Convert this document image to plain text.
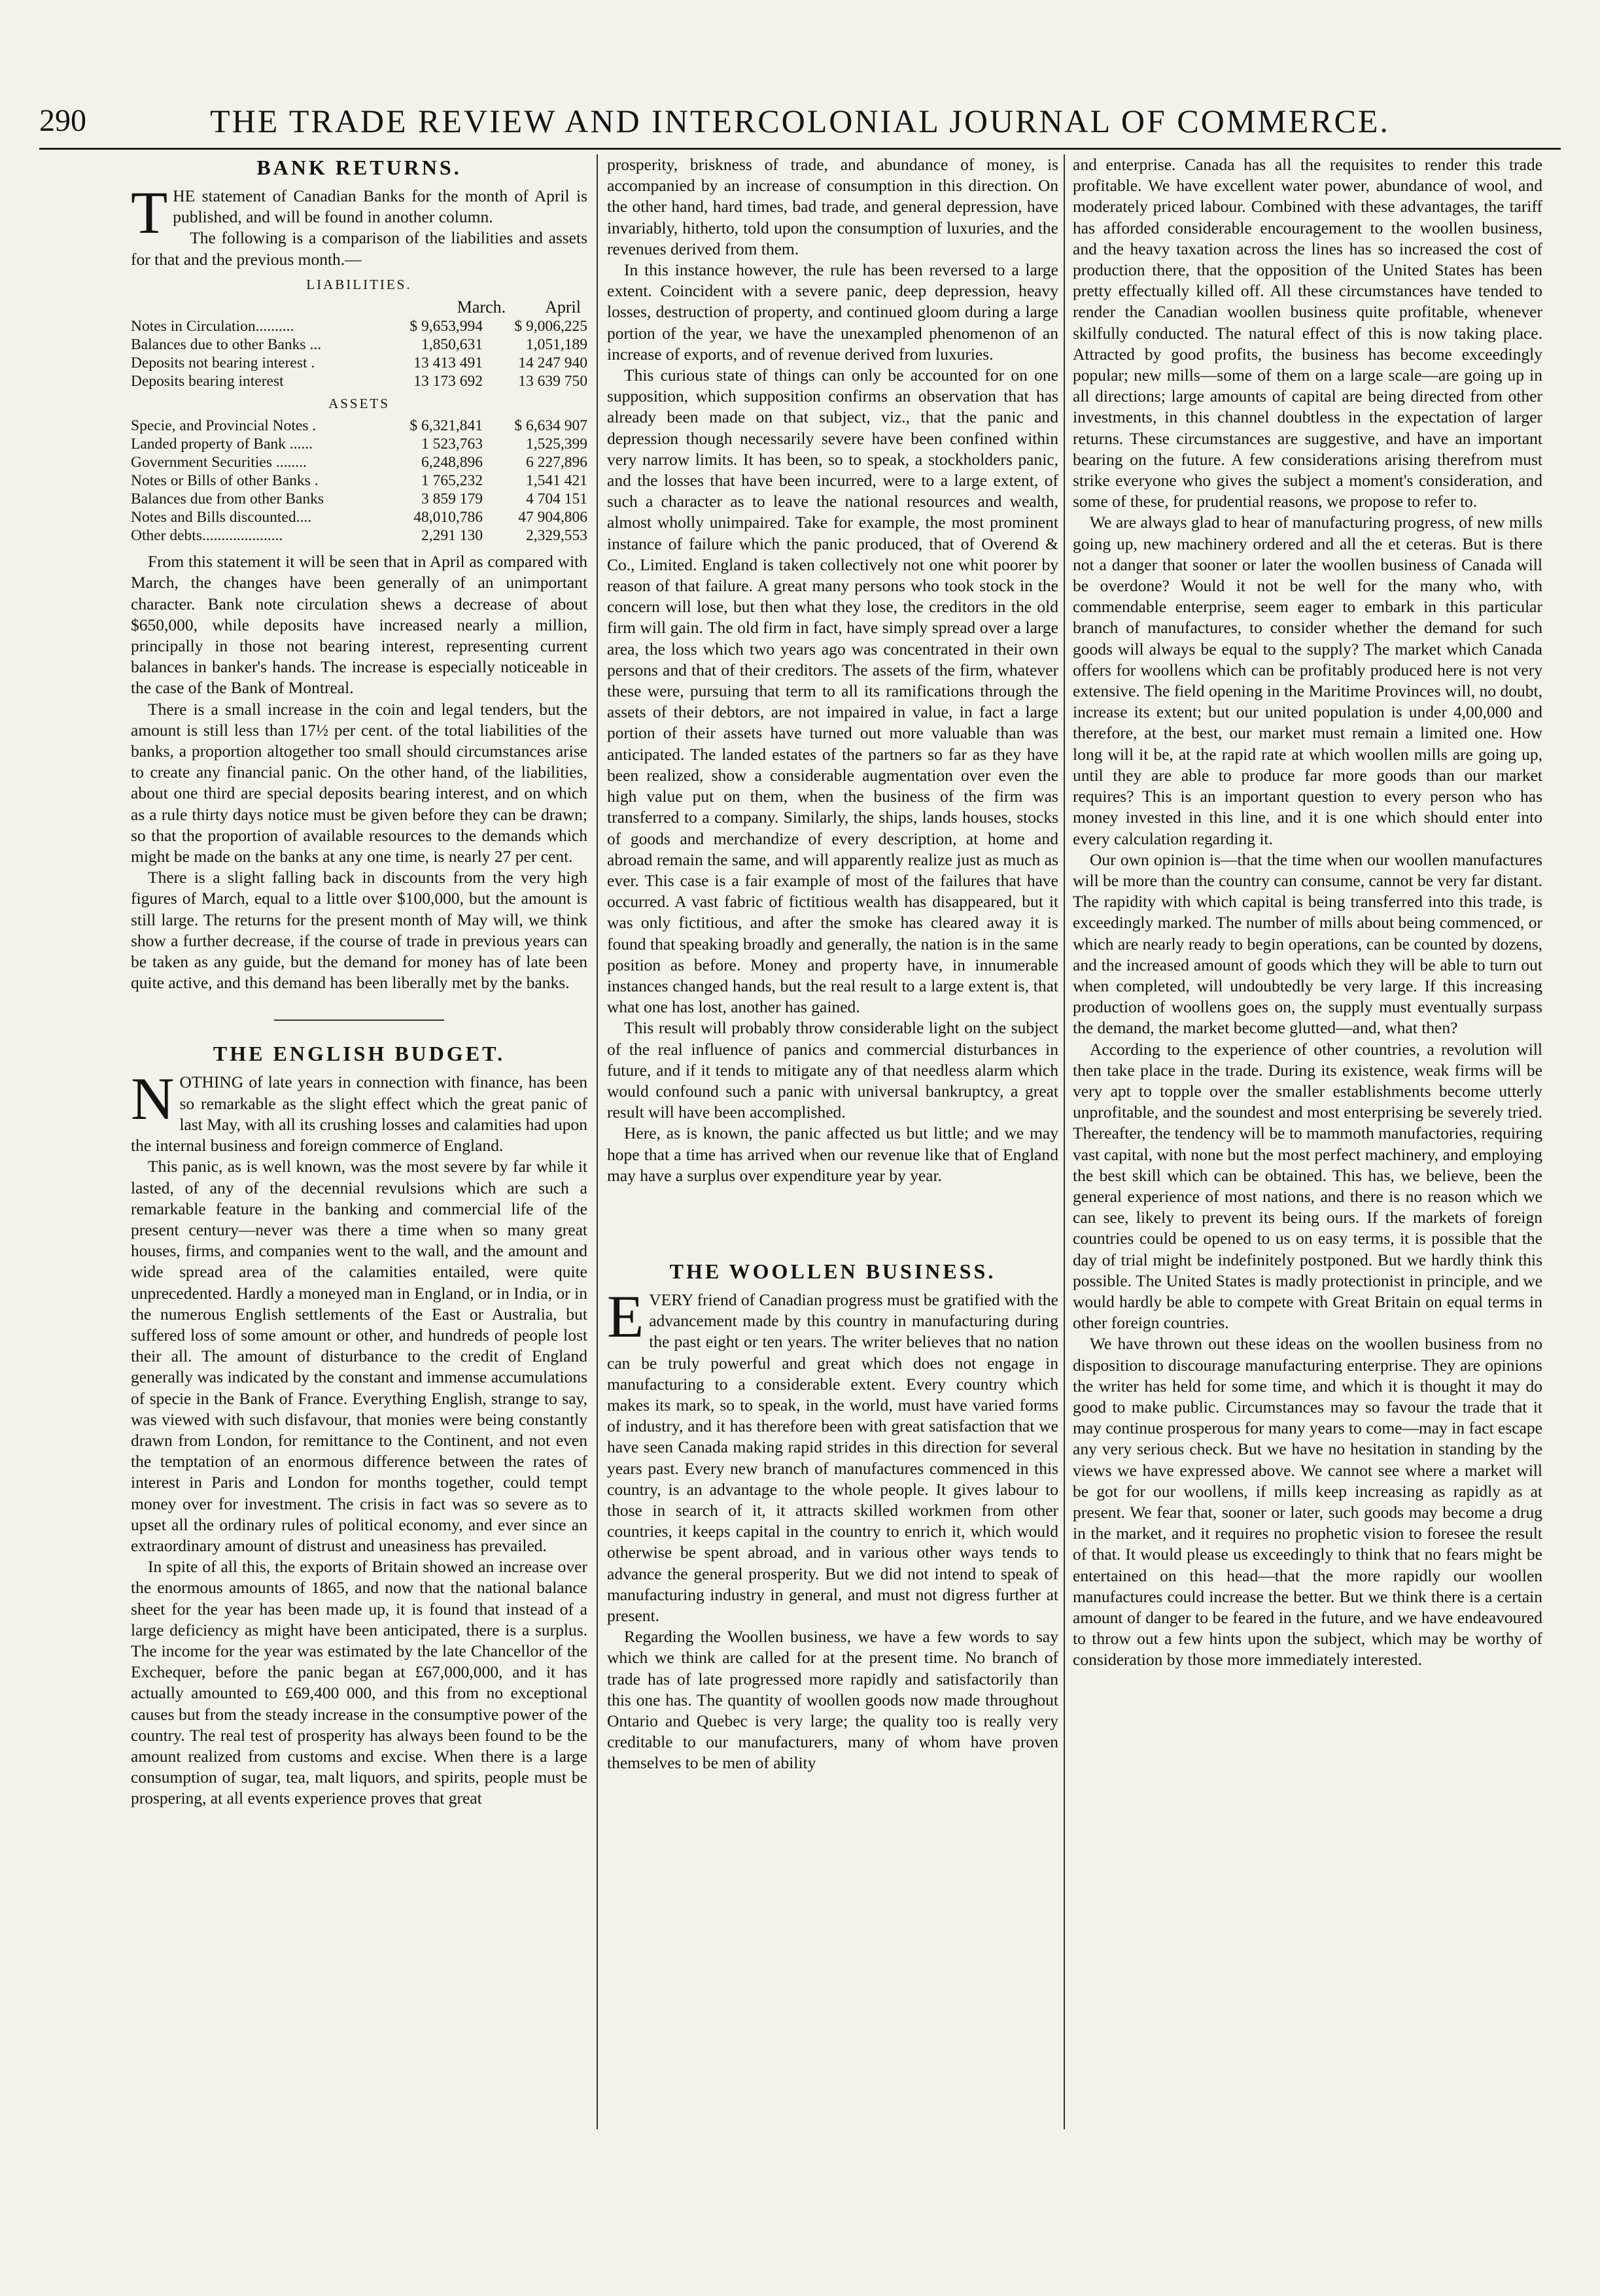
290	THE TRADE REVIEW AND INTERCOLONIAL JOURNAL OF COMMERCE.
BANK RETURNS.

THE statement of Canadian Banks for the month of April is published, and will be found in another column.

The following is a comparison of the liabilities and assets for that and the previous month.—

LIABILITIES.
March. April
Notes in Circulation..........	$ 9,653,994	$ 9,006,225
Balances due to other Banks ...	1,850,631	1,051,189
Deposits not bearing interest .	13 413 491	14 247 940
Deposits bearing interest	13 173 692	13 639 750
ASSETS
Specie, and Provincial Notes .	$ 6,321,841	$ 6,634 907
Landed property of Bank ......	1 523,763	1,525,399
Government Securities ........	6,248,896	6 227,896
Notes or Bills of other Banks .	1 765,232	1,541 421
Balances due from other Banks	3 859 179	4 704 151
Notes and Bills discounted....	48,010,786	47 904,806
Other debts.....................	2,291 130	2,329,553

From this statement it will be seen that in April as compared with March, the changes have been generally of an unimportant character. Bank note circulation shews a decrease of about $650,000, while deposits have increased nearly a million, principally in those not bearing interest, representing current balances in banker's hands. The increase is especially noticeable in the case of the Bank of Montreal.

There is a small increase in the coin and legal tenders, but the amount is still less than 17½ per cent. of the total liabilities of the banks, a proportion altogether too small should circumstances arise to create any financial panic. On the other hand, of the liabilities, about one third are special deposits bearing interest, and on which as a rule thirty days notice must be given before they can be drawn; so that the proportion of available resources to the demands which might be made on the banks at any one time, is nearly 27 per cent.

There is a slight falling back in discounts from the very high figures of March, equal to a little over $100,000, but the amount is still large. The returns for the present month of May will, we think show a further decrease, if the course of trade in previous years can be taken as any guide, but the demand for money has of late been quite active, and this demand has been liberally met by the banks.

THE ENGLISH BUDGET.

NOTHING of late years in connection with finance, has been so remarkable as the slight effect which the great panic of last May, with all its crushing losses and calamities had upon the internal business and foreign commerce of England.

This panic, as is well known, was the most severe by far while it lasted, of any of the decennial revulsions which are such a remarkable feature in the banking and commercial life of the present century—never was there a time when so many great houses, firms, and companies went to the wall, and the amount and wide spread area of the calamities entailed, were quite unprecedented. Hardly a moneyed man in England, or in India, or in the numerous English settlements of the East or Australia, but suffered loss of some amount or other, and hundreds of people lost their all. The amount of disturbance to the credit of England generally was indicated by the constant and immense accumulations of specie in the Bank of France. Everything English, strange to say, was viewed with such disfavour, that monies were being constantly drawn from London, for remittance to the Continent, and not even the temptation of an enormous difference between the rates of interest in Paris and London for months together, could tempt money over for investment. The crisis in fact was so severe as to upset all the ordinary rules of political economy, and ever since an extraordinary amount of distrust and uneasiness has prevailed.

In spite of all this, the exports of Britain showed an increase over the enormous amounts of 1865, and now that the national balance sheet for the year has been made up, it is found that instead of a large deficiency as might have been anticipated, there is a surplus. The income for the year was estimated by the late Chancellor of the Exchequer, before the panic began at £67,000,000, and it has actually amounted to £69,400 000, and this from no exceptional causes but from the steady increase in the consumptive power of the country. The real test of prosperity has always been found to be the amount realized from customs and excise. When there is a large consumption of sugar, tea, malt liquors, and spirits, people must be prospering, at all events experience proves that great

prosperity, briskness of trade, and abundance of money, is accompanied by an increase of consumption in this direction. On the other hand, hard times, bad trade, and general depression, have invariably, hitherto, told upon the consumption of luxuries, and the revenues derived from them.

In this instance however, the rule has been reversed to a large extent. Coincident with a severe panic, deep depression, heavy losses, destruction of property, and continued gloom during a large portion of the year, we have the unexampled phenomenon of an increase of exports, and of revenue derived from luxuries.

This curious state of things can only be accounted for on one supposition, which supposition confirms an observation that has already been made on that subject, viz., that the panic and depression though necessarily severe have been confined within very narrow limits. It has been, so to speak, a stockholders panic, and the losses that have been incurred, were to a large extent, of such a character as to leave the national resources and wealth, almost wholly unimpaired. Take for example, the most prominent instance of failure which the panic produced, that of Overend & Co., Limited. England is taken collectively not one whit poorer by reason of that failure. A great many persons who took stock in the concern will lose, but then what they lose, the creditors in the old firm will gain. The old firm in fact, have simply spread over a large area, the loss which two years ago was concentrated in their own persons and that of their creditors. The assets of the firm, whatever these were, pursuing that term to all its ramifications through the assets of their debtors, are not impaired in value, in fact a large portion of their assets have turned out more valuable than was anticipated. The landed estates of the partners so far as they have been realized, show a considerable augmentation over even the high value put on them, when the business of the firm was transferred to a company. Similarly, the ships, lands houses, stocks of goods and merchandize of every description, at home and abroad remain the same, and will apparently realize just as much as ever. This case is a fair example of most of the failures that have occurred. A vast fabric of fictitious wealth has disappeared, but it was only fictitious, and after the smoke has cleared away it is found that speaking broadly and generally, the nation is in the same position as before. Money and property have, in innumerable instances changed hands, but the real result to a large extent is, that what one has lost, another has gained.

This result will probably throw considerable light on the subject of the real influence of panics and commercial disturbances in future, and if it tends to mitigate any of that needless alarm which would confound such a panic with universal bankruptcy, a great result will have been accomplished.

Here, as is known, the panic affected us but little; and we may hope that a time has arrived when our revenue like that of England may have a surplus over expenditure year by year.

THE WOOLLEN BUSINESS.

EVERY friend of Canadian progress must be gratified with the advancement made by this country in manufacturing during the past eight or ten years. The writer believes that no nation can be truly powerful and great which does not engage in manufacturing to a considerable extent. Every country which makes its mark, so to speak, in the world, must have varied forms of industry, and it has therefore been with great satisfaction that we have seen Canada making rapid strides in this direction for several years past. Every new branch of manufactures commenced in this country, is an advantage to the whole people. It gives labour to those in search of it, it attracts skilled workmen from other countries, it keeps capital in the country to enrich it, which would otherwise be spent abroad, and in various other ways tends to advance the general prosperity. But we did not intend to speak of manufacturing industry in general, and must not digress further at present.

Regarding the Woollen business, we have a few words to say which we think are called for at the present time. No branch of trade has of late progressed more rapidly and satisfactorily than this one has. The quantity of woollen goods now made throughout Ontario and Quebec is very large; the quality too is really very creditable to our manufacturers, many of whom have proven themselves to be men of ability

and enterprise. Canada has all the requisites to render this trade profitable. We have excellent water power, abundance of wool, and moderately priced labour. Combined with these advantages, the tariff has afforded considerable encouragement to the woollen business, and the heavy taxation across the lines has so increased the cost of production there, that the opposition of the United States has been pretty effectually killed off. All these circumstances have tended to render the Canadian woollen business quite profitable, whenever skilfully conducted. The natural effect of this is now taking place. Attracted by good profits, the business has become exceedingly popular; new mills—some of them on a large scale—are going up in all directions; large amounts of capital are being directed from other investments, in this channel doubtless in the expectation of larger returns. These circumstances are suggestive, and have an important bearing on the future. A few considerations arising therefrom must strike everyone who gives the subject a moment's consideration, and some of these, for prudential reasons, we propose to refer to.

We are always glad to hear of manufacturing progress, of new mills going up, new machinery ordered and all the et ceteras. But is there not a danger that sooner or later the woollen business of Canada will be overdone? Would it not be well for the many who, with commendable enterprise, seem eager to embark in this particular branch of manufactures, to consider whether the demand for such goods will always be equal to the supply? The market which Canada offers for woollens which can be profitably produced here is not very extensive. The field opening in the Maritime Provinces will, no doubt, increase its extent; but our united population is under 4,00,000 and therefore, at the best, our market must remain a limited one. How long will it be, at the rapid rate at which woollen mills are going up, until they are able to produce far more goods than our market requires? This is an important question to every person who has money invested in this line, and it is one which should enter into every calculation regarding it.

Our own opinion is—that the time when our woollen manufactures will be more than the country can consume, cannot be very far distant. The rapidity with which capital is being transferred into this trade, is exceedingly marked. The number of mills about being commenced, or which are nearly ready to begin operations, can be counted by dozens, and the increased amount of goods which they will be able to turn out when completed, will undoubtedly be very large. If this increasing production of woollens goes on, the supply must eventually surpass the demand, the market become glutted—and, what then?

According to the experience of other countries, a revolution will then take place in the trade. During its existence, weak firms will be very apt to topple over the smaller establishments become utterly unprofitable, and the soundest and most enterprising be severely tried. Thereafter, the tendency will be to mammoth manufactories, requiring vast capital, with none but the most perfect machinery, and employing the best skill which can be obtained. This has, we believe, been the general experience of most nations, and there is no reason which we can see, likely to prevent its being ours. If the markets of foreign countries could be opened to us on easy terms, it is possible that the day of trial might be indefinitely postponed. But we hardly think this possible. The United States is madly protectionist in principle, and we would hardly be able to compete with Great Britain on equal terms in other foreign countries.

We have thrown out these ideas on the woollen business from no disposition to discourage manufacturing enterprise. They are opinions the writer has held for some time, and which it is thought it may do good to make public. Circumstances may so favour the trade that it may continue prosperous for many years to come—may in fact escape any very serious check. But we have no hesitation in standing by the views we have expressed above. We cannot see where a market will be got for our woollens, if mills keep increasing as rapidly as at present. We fear that, sooner or later, such goods may become a drug in the market, and it requires no prophetic vision to foresee the result of that. It would please us exceedingly to think that no fears might be entertained on this head—that the more rapidly our woollen manufactures could increase the better. But we think there is a certain amount of danger to be feared in the future, and we have endeavoured to throw out a few hints upon the subject, which may be worthy of consideration by those more immediately interested.
